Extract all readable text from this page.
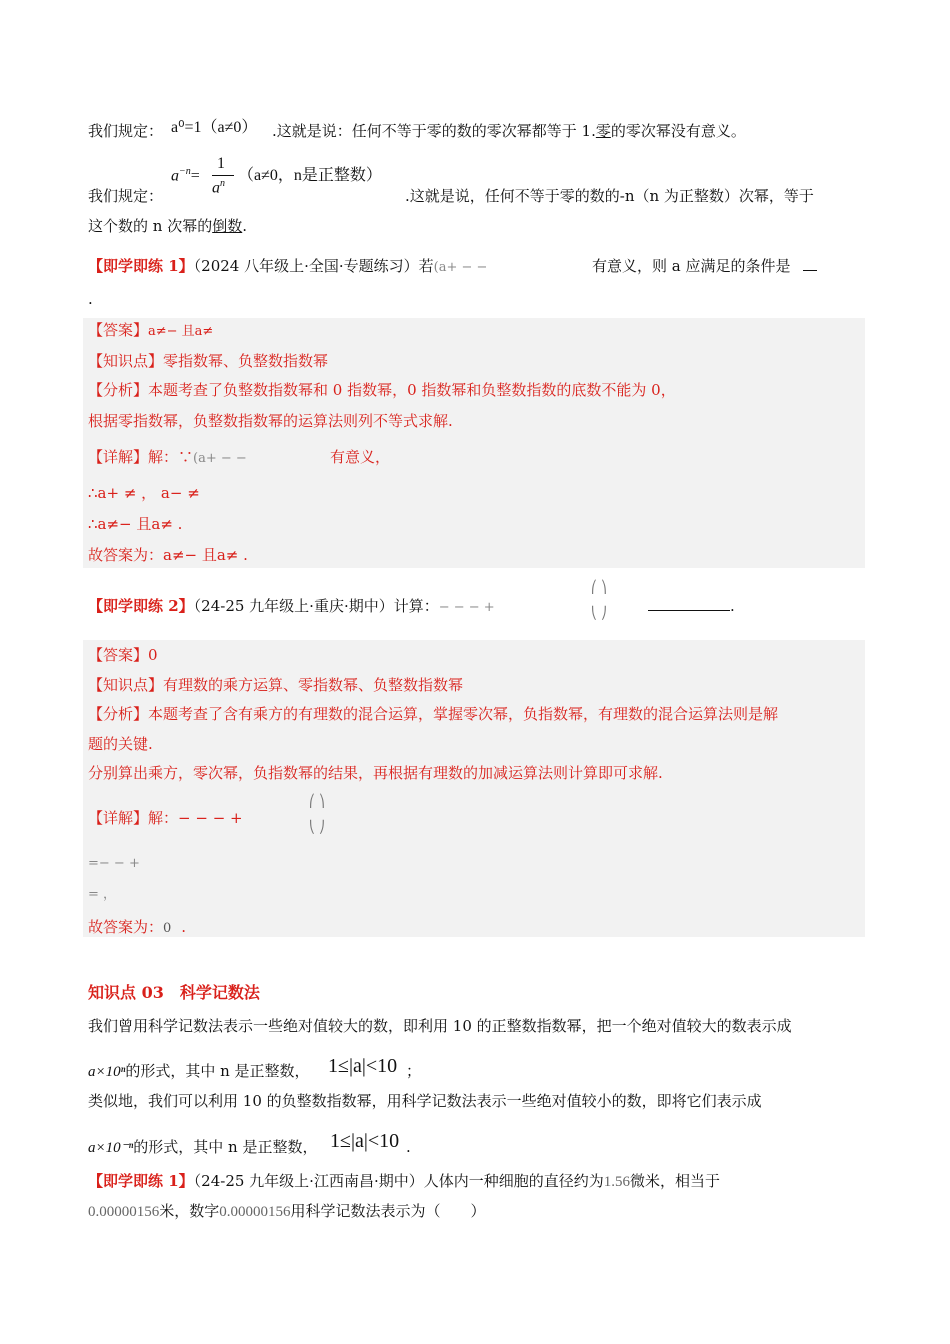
我们规定： a⁰=1（a≠0） .这就是说：任何不等于零的数的零次幂都等于 1.零的零次幂没有意义。
$a^{-n}=$
1
$a^n$ （a≠0，n是正整数）
我们规定：	.这就是说，任何不等于零的数的-n（n 为正整数）次幂，等于
这个数的 n 次幂的倒数.
【即学即练 1】（2024 八年级上·全国·专题练习）若(a+ − −	有意义，则 a 应满足的条件是
.
【答案】a≠− 且a≠
【知识点】零指数幂、负整数指数幂
【分析】本题考查了负整数指数幂和 0 指数幂，0 指数幂和负整数指数的底数不能为 0，
根据零指数幂，负整数指数幂的运算法则列不等式求解.
【详解】解：∵(a+ − −	有意义，
∴a+ ≠ ， a− ≠
∴a≠− 且a≠ .
故答案为：a≠− 且a≠ .
【即学即练 2】（24-25 九年级上·重庆·期中）计算：− − − +
⎛ ⎞
⎝ ⎠	.
【答案】0
【知识点】有理数的乘方运算、零指数幂、负整数指数幂
【分析】本题考查了含有乘方的有理数的混合运算，掌握零次幂，负指数幂，有理数的混合运算法则是解
题的关键.
分别算出乘方，零次幂，负指数幂的结果，再根据有理数的加减运算法则计算即可求解.
【详解】解：− − − +
⎛ ⎞
⎝ ⎠
=− − +
= ，
故答案为：0 .
知识点 03　科学记数法
我们曾用科学记数法表示一些绝对值较大的数，即利用 10 的正整数指数幂，把一个绝对值较大的数表示成
a×10ⁿ的形式，其中 n 是正整数， 1≤|a|<10 ；
类似地，我们可以利用 10 的负整数指数幂，用科学记数法表示一些绝对值较小的数，即将它们表示成
a×10⁻ⁿ的形式，其中 n 是正整数， 1≤|a|<10 .
【即学即练 1】（24-25 九年级上·江西南昌·期中）人体内一种细胞的直径约为1.56微米，相当于
0.00000156米，数字0.00000156用科学记数法表示为（　　）
